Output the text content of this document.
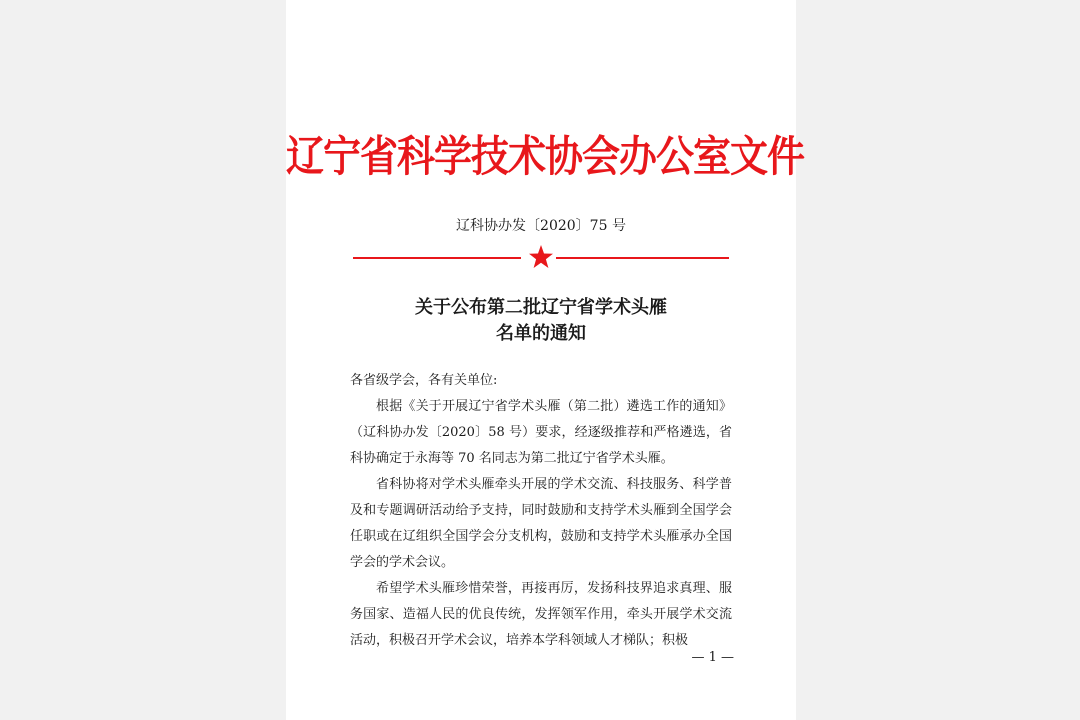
辽宁省科学技术协会办公室文件
辽科协办发〔2020〕75 号
关于公布第二批辽宁省学术头雁
名单的通知

各省级学会，各有关单位:

根据《关于开展辽宁省学术头雁（第二批）遴选工作的通知》（辽科协办发〔2020〕58 号）要求，经逐级推荐和严格遴选，省科协确定于永海等 70 名同志为第二批辽宁省学术头雁。

省科协将对学术头雁牵头开展的学术交流、科技服务、科学普及和专题调研活动给予支持，同时鼓励和支持学术头雁到全国学会任职或在辽组织全国学会分支机构，鼓励和支持学术头雁承办全国学会的学术会议。

希望学术头雁珍惜荣誉，再接再厉，发扬科技界追求真理、服务国家、造福人民的优良传统，发挥领军作用，牵头开展学术交流活动，积极召开学术会议，培养本学科领域人才梯队；积极

— 1 —
